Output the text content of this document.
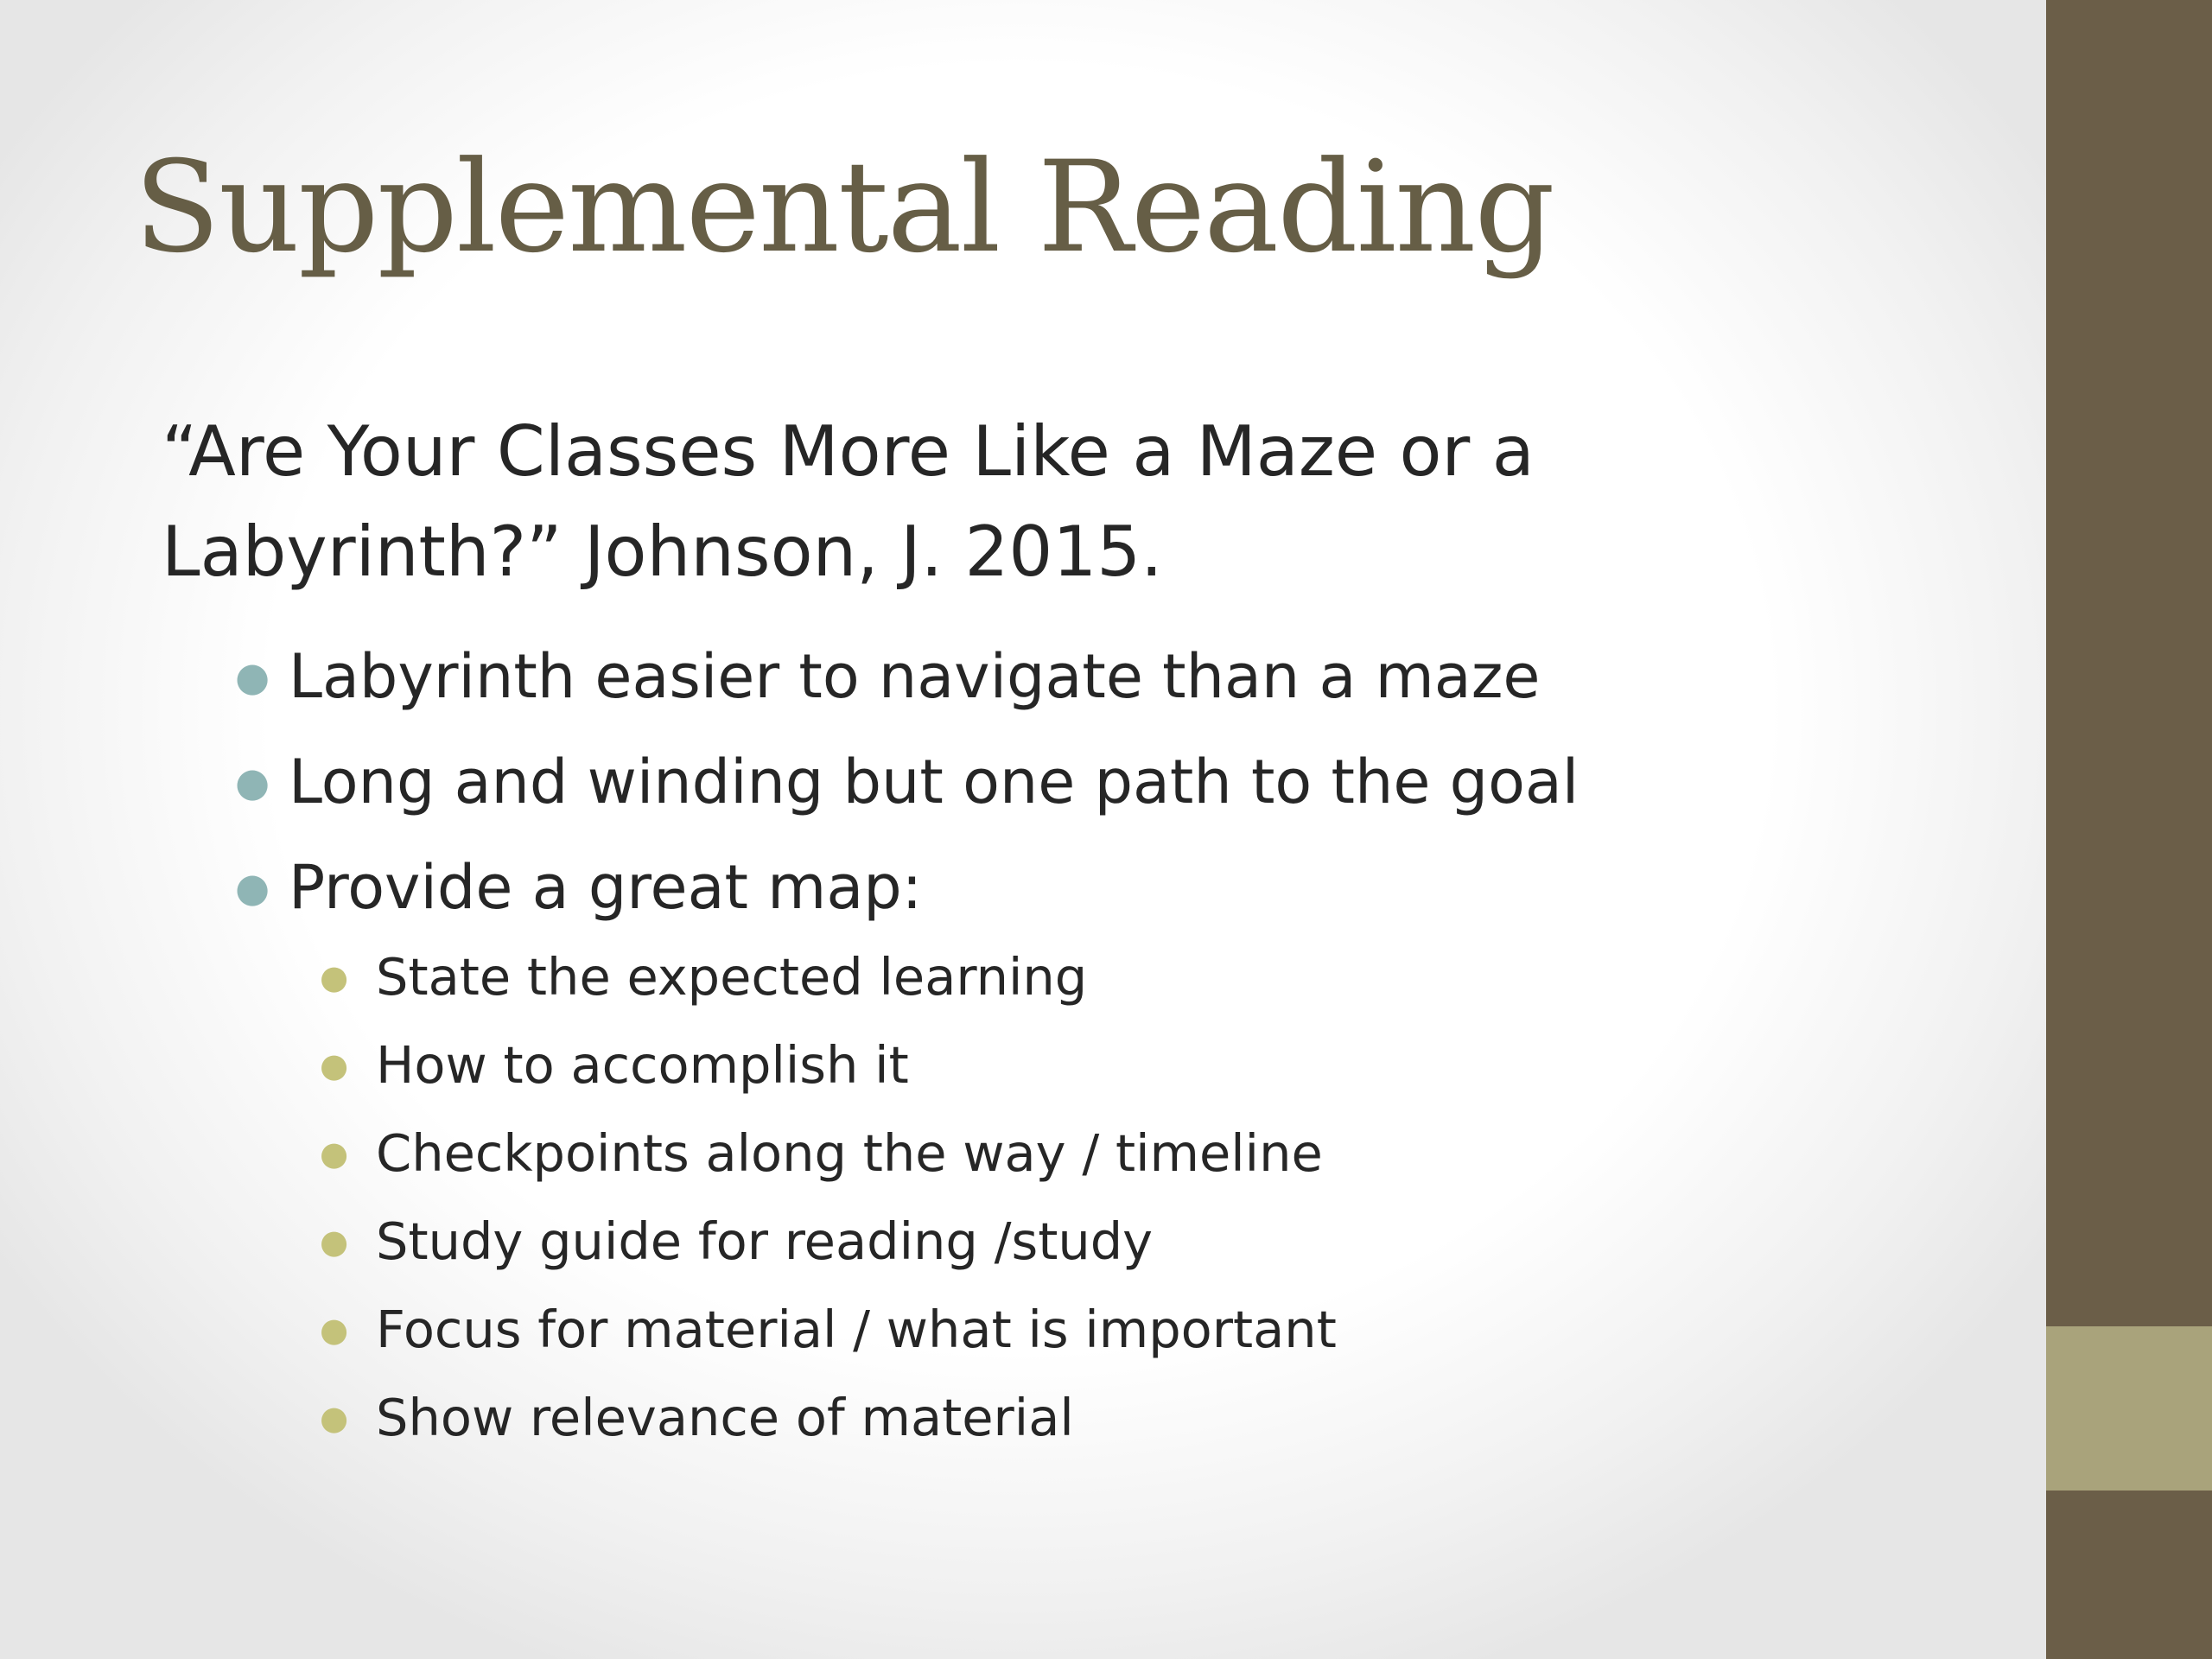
Supplemental Reading
“Are Your Classes More Like a Maze or a Labyrinth?” Johnson, J. 2015.
● Labyrinth easier to navigate than a maze
● Long and winding but one path to the goal
● Provide a great map:
● State the expected learning
● How to accomplish it
● Checkpoints along the way / timeline
● Study guide for reading /study
● Focus for material / what is important
● Show relevance of material
